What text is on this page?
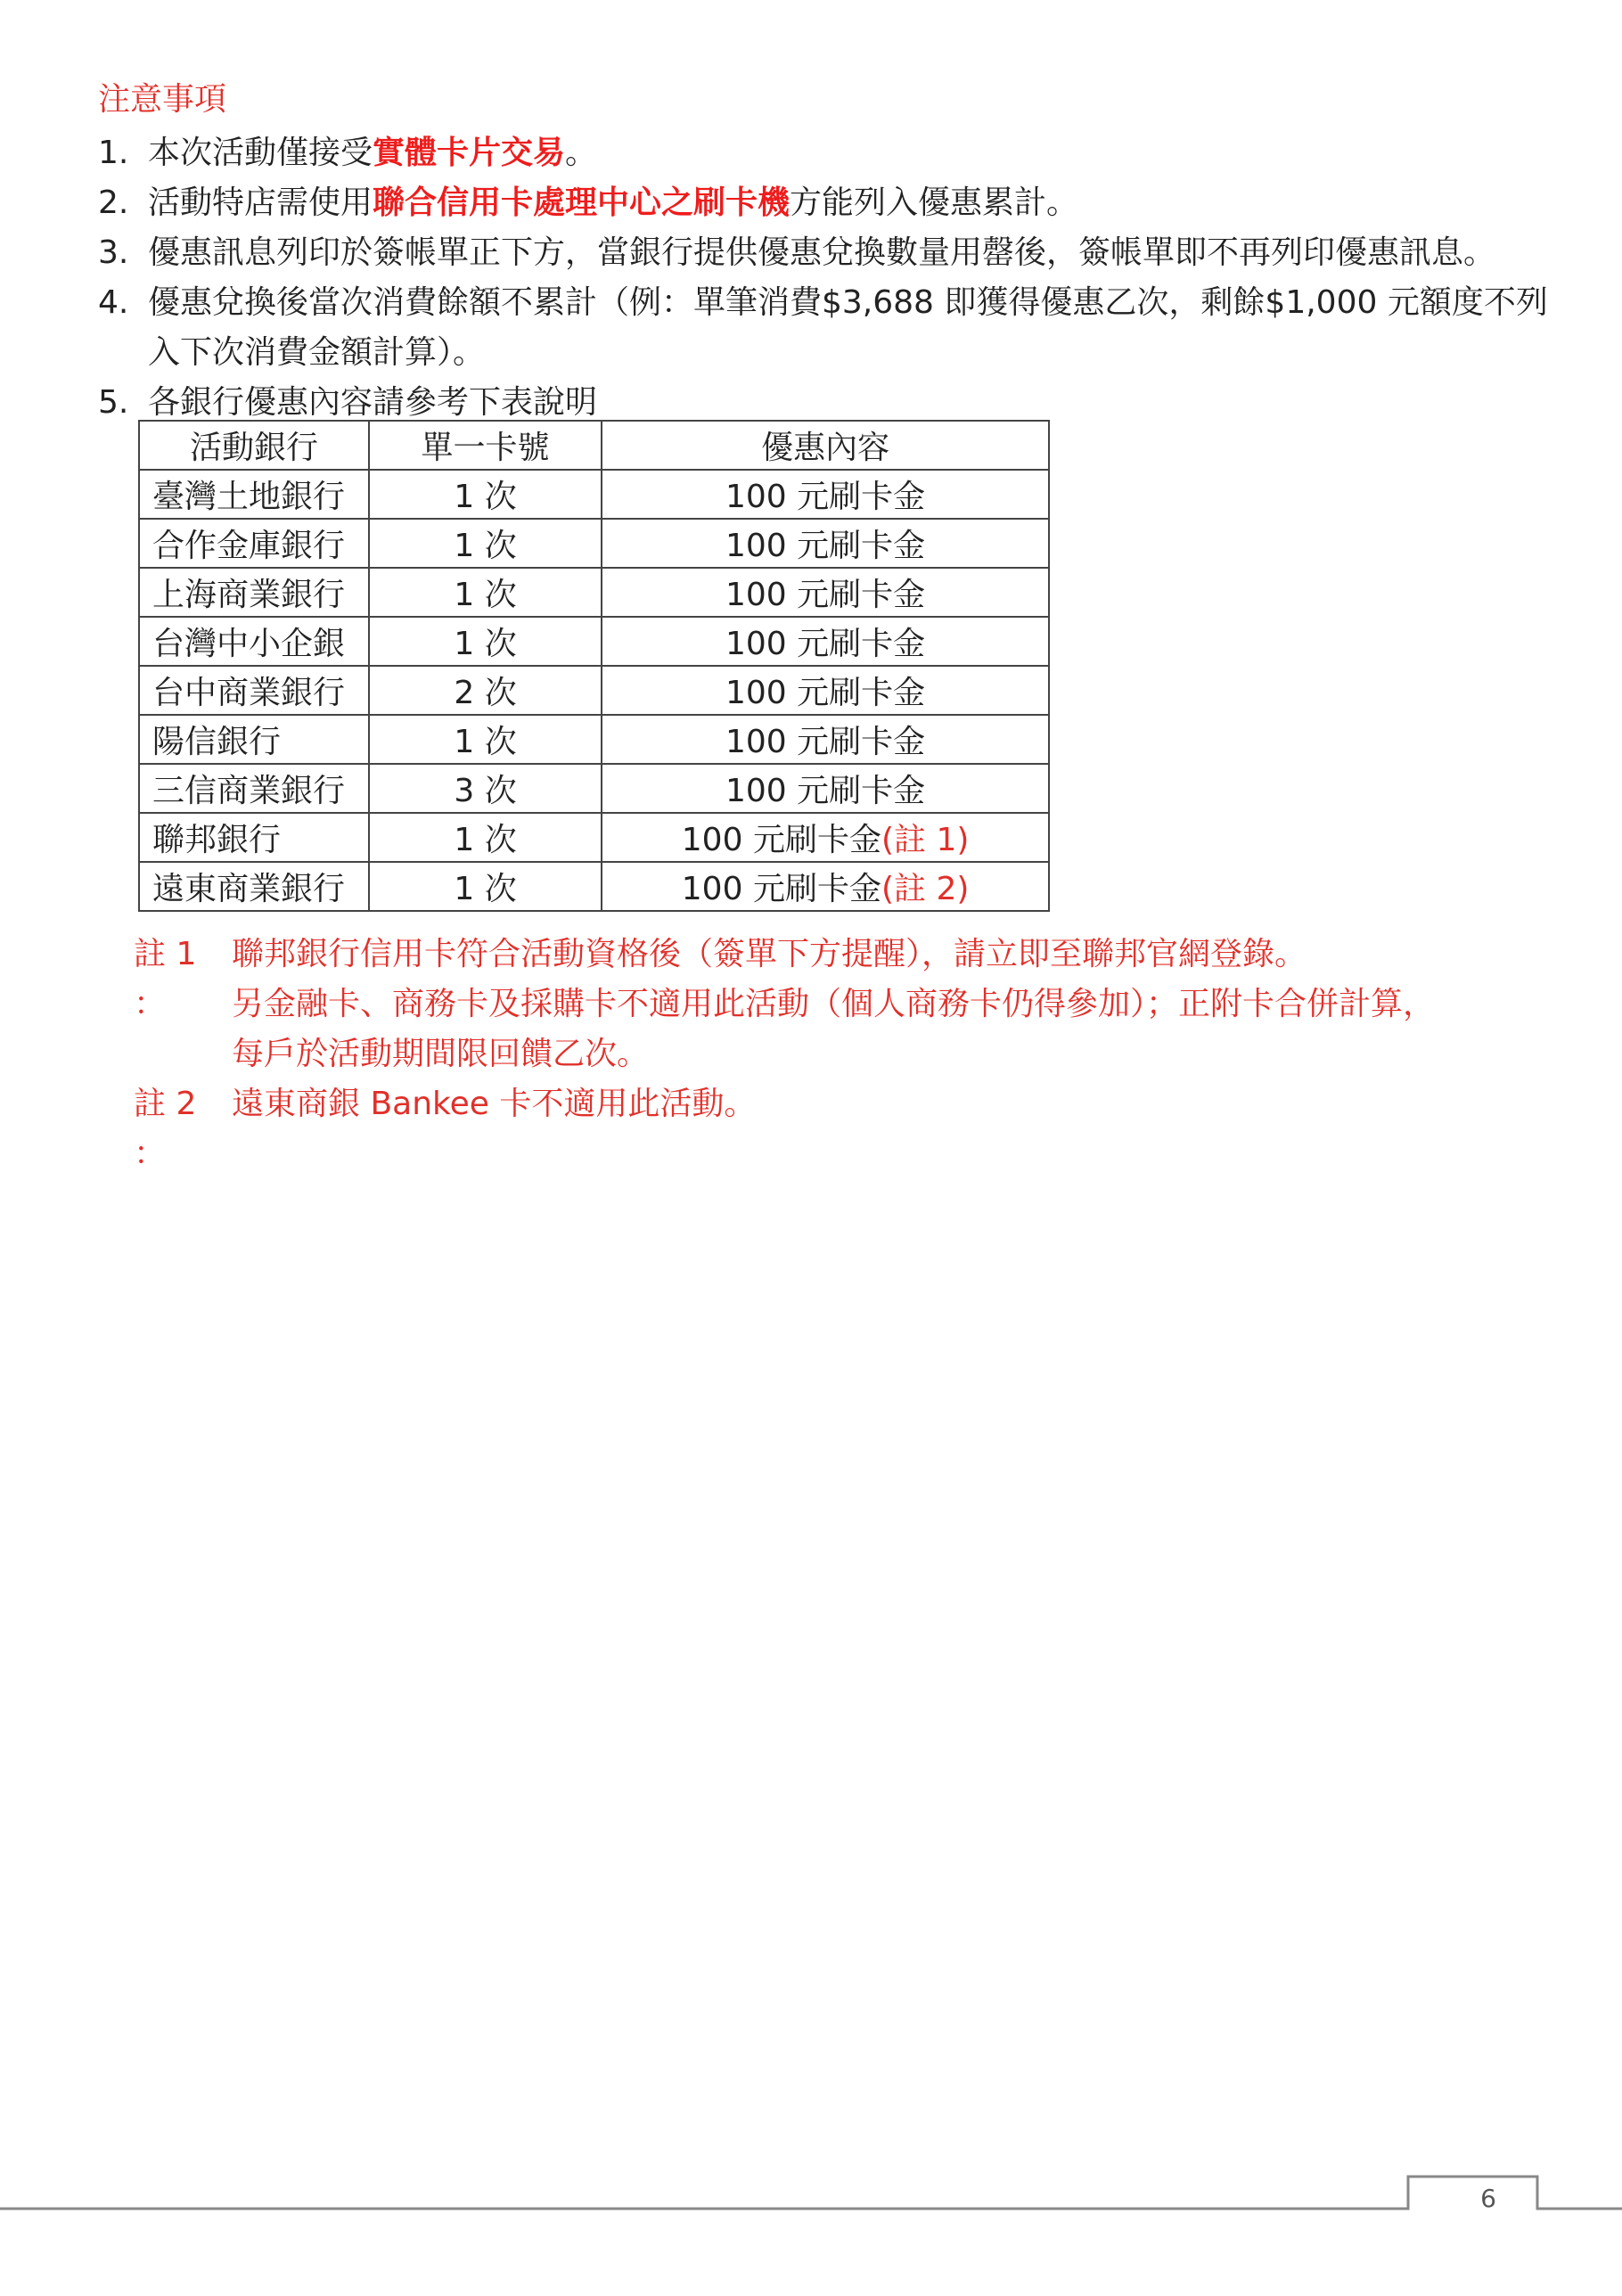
注意事項
1. 本次活動僅接受實體卡片交易。
2. 活動特店需使用聯合信用卡處理中心之刷卡機方能列入優惠累計。
3. 優惠訊息列印於簽帳單正下方，當銀行提供優惠兌換數量用罄後，簽帳單即不再列印優惠訊息。
4. 優惠兌換後當次消費餘額不累計（例：單筆消費$3,688 即獲得優惠乙次，剩餘$1,000 元額度不列入下次消費金額計算）。
5. 各銀行優惠內容請參考下表說明
活動銀行	單一卡號	優惠內容
臺灣土地銀行	1 次	100 元刷卡金
合作金庫銀行	1 次	100 元刷卡金
上海商業銀行	1 次	100 元刷卡金
台灣中小企銀	1 次	100 元刷卡金
台中商業銀行	2 次	100 元刷卡金
陽信銀行	1 次	100 元刷卡金
三信商業銀行	3 次	100 元刷卡金
聯邦銀行	1 次	100 元刷卡金(註 1)
遠東商業銀行	1 次	100 元刷卡金(註 2)
註 1 ：
聯邦銀行信用卡符合活動資格後（簽單下方提醒），請立即至聯邦官網登錄。
另金融卡、商務卡及採購卡不適用此活動（個人商務卡仍得參加）；正附卡合併計算，
每戶於活動期間限回饋乙次。
註 2 ：
遠東商銀 Bankee 卡不適用此活動。
6
